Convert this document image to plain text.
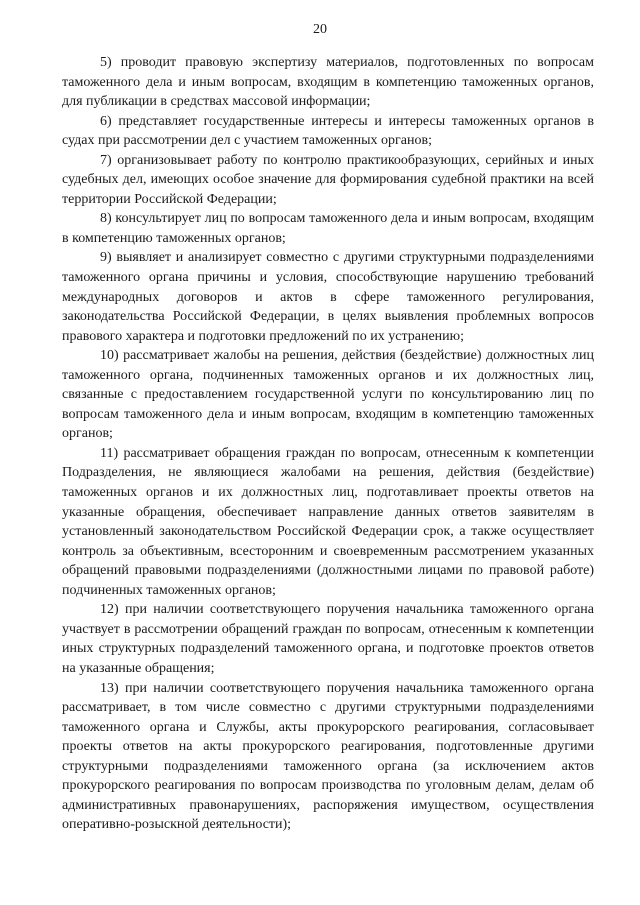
20

5) проводит правовую экспертизу материалов, подготовленных по вопросам таможенного дела и иным вопросам, входящим в компетенцию таможенных органов, для публикации в средствах массовой информации;

6) представляет государственные интересы и интересы таможенных органов в судах при рассмотрении дел с участием таможенных органов;

7) организовывает работу по контролю практикообразующих, серийных и иных судебных дел, имеющих особое значение для формирования судебной практики на всей территории Российской Федерации;

8) консультирует лиц по вопросам таможенного дела и иным вопросам, входящим в компетенцию таможенных органов;

9) выявляет и анализирует совместно с другими структурными подразделениями таможенного органа причины и условия, способствующие нарушению требований международных договоров и актов в сфере таможенного регулирования, законодательства Российской Федерации, в целях выявления проблемных вопросов правового характера и подготовки предложений по их устранению;

10) рассматривает жалобы на решения, действия (бездействие) должностных лиц таможенного органа, подчиненных таможенных органов и их должностных лиц, связанные с предоставлением государственной услуги по консультированию лиц по вопросам таможенного дела и иным вопросам, входящим в компетенцию таможенных органов;

11) рассматривает обращения граждан по вопросам, отнесенным к компетенции Подразделения, не являющиеся жалобами на решения, действия (бездействие) таможенных органов и их должностных лиц, подготавливает проекты ответов на указанные обращения, обеспечивает направление данных ответов заявителям в установленный законодательством Российской Федерации срок, а также осуществляет контроль за объективным, всесторонним и своевременным рассмотрением указанных обращений правовыми подразделениями (должностными лицами по правовой работе) подчиненных таможенных органов;

12) при наличии соответствующего поручения начальника таможенного органа участвует в рассмотрении обращений граждан по вопросам, отнесенным к компетенции иных структурных подразделений таможенного органа, и подготовке проектов ответов на указанные обращения;

13) при наличии соответствующего поручения начальника таможенного органа рассматривает, в том числе совместно с другими структурными подразделениями таможенного органа и Службы, акты прокурорского реагирования, согласовывает проекты ответов на акты прокурорского реагирования, подготовленные другими структурными подразделениями таможенного органа (за исключением актов прокурорского реагирования по вопросам производства по уголовным делам, делам об административных правонарушениях, распоряжения имуществом, осуществления оперативно-розыскной деятельности);
